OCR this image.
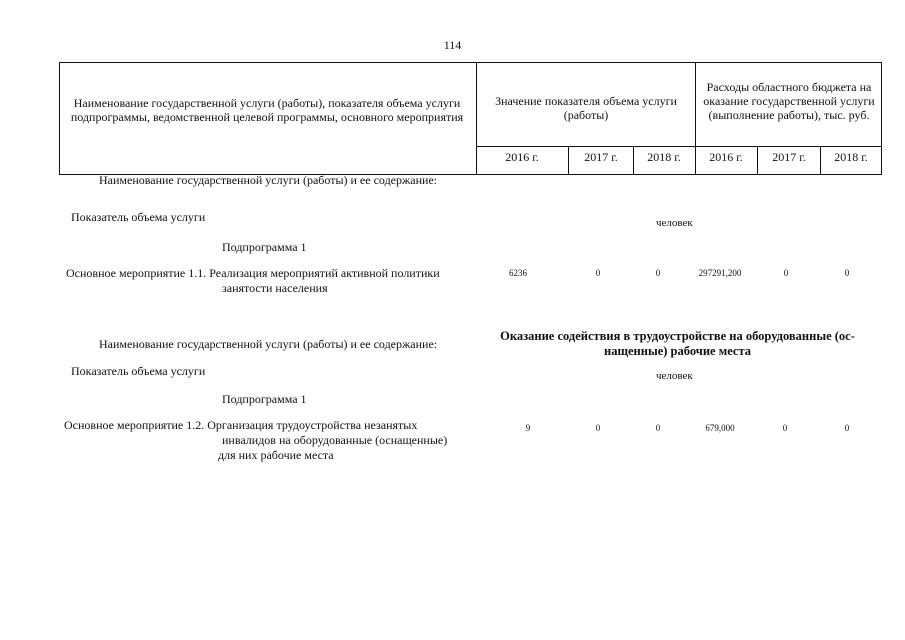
114
Наименование государственной услуги (работы), показателя объема услуги подпрограммы, ведомственной целевой программы, основного мероприятия
Значение показателя объема услуги (работы)
Расходы областного бюджета на оказание государственной услуги (выполнение работы), тыс. руб.
2016 г.	2017 г.	2018 г.	2016 г.	2017 г.	2018 г.
Наименование государственной услуги (работы) и ее содержание:
Показатель объема услуги	человек
Подпрограмма 1
Основное мероприятие 1.1. Реализация мероприятий активной политики
занятости населения
6236	0	0	297291,200	0	0
Наименование государственной услуги (работы) и ее содержание:
Оказание содействия в трудоустройстве на оборудованные (ос-
нащенные) рабочие места
Показатель объема услуги	человек
Подпрограмма 1
Основное мероприятие 1.2. Организация трудоустройства незанятых
инвалидов на оборудованные (оснащенные)
для них рабочие места
9	0	0	679,000	0	0
